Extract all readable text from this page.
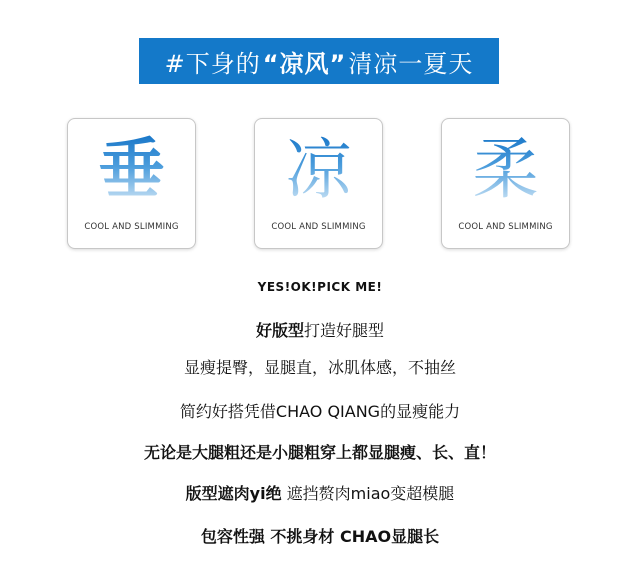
#下身的 “凉风” 清凉一夏天
垂
COOL AND SLIMMING
凉
COOL AND SLIMMING
柔
COOL AND SLIMMING
YES!OK!PICK ME!
好版型打造好腿型
显瘦提臀，显腿直，冰肌体感，不抽丝
简约好搭凭借CHAO QIANG的显瘦能力
无论是大腿粗还是小腿粗穿上都显腿瘦、长、直！
版型遮肉yi绝 遮挡赘肉miao变超模腿
包容性强 不挑身材 CHAO显腿长
